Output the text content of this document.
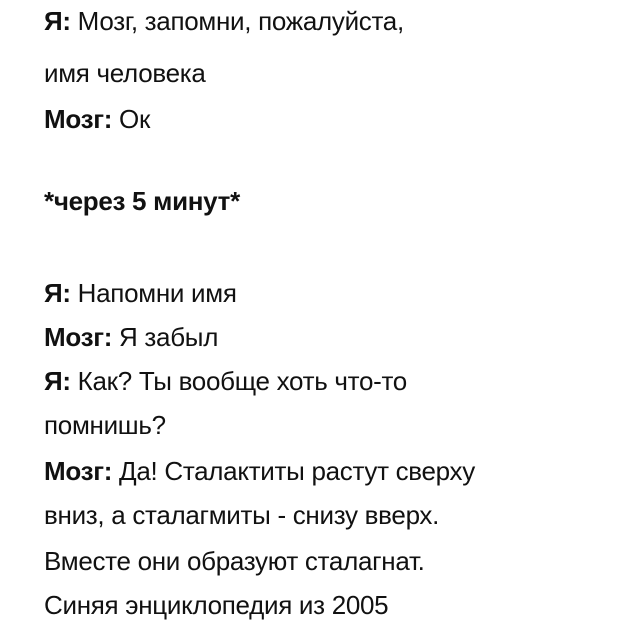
Я: Мозг, запомни, пожалуйста,
имя человека
Мозг: Ок
*через 5 минут*
Я: Напомни имя
Мозг: Я забыл
Я: Как? Ты вообще хоть что-то
помнишь?
Мозг: Да! Сталактиты растут сверху
вниз, а сталагмиты - снизу вверх.
Вместе они образуют сталагнат.
Синяя энциклопедия из 2005
